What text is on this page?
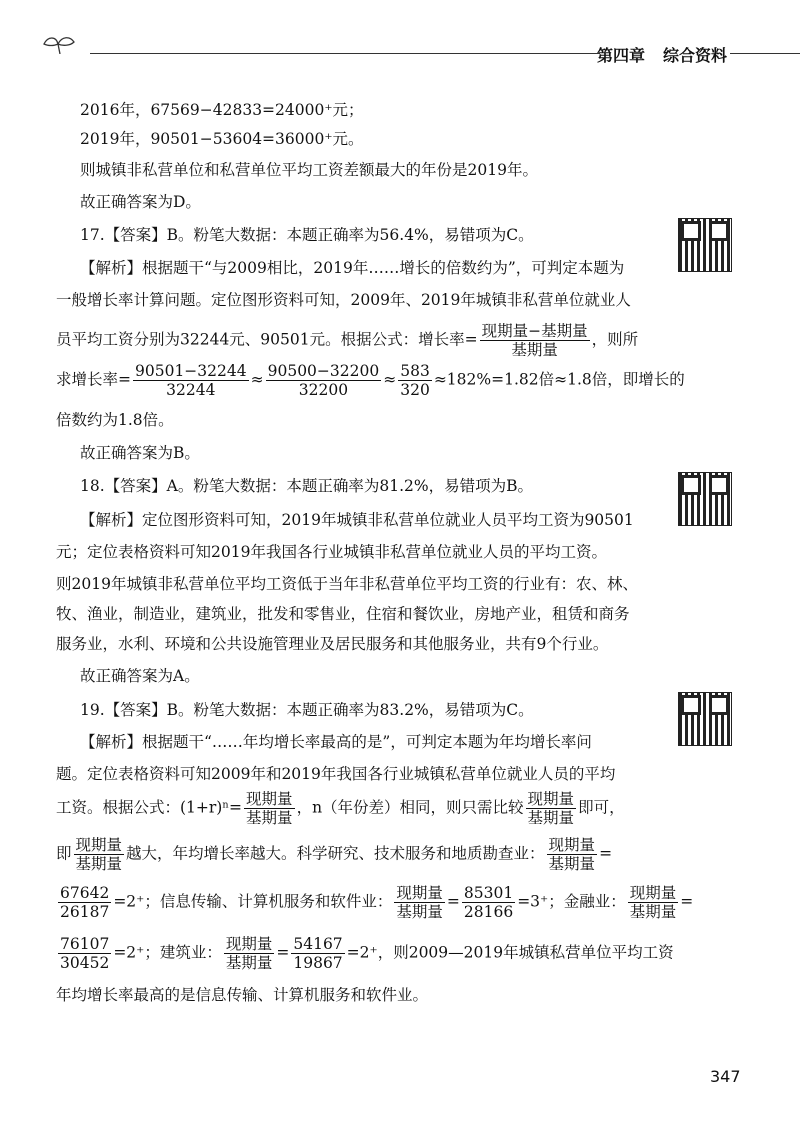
第四章 综合资料
2016年，67569−42833=24000⁺元；
2019年，90501−53604=36000⁺元。
则城镇非私营单位和私营单位平均工资差额最大的年份是2019年。
故正确答案为D。
17.【答案】B。粉笔大数据：本题正确率为56.4%，易错项为C。
【解析】根据题干“与2009相比，2019年……增长的倍数约为”，可判定本题为
一般增长率计算问题。定位图形资料可知，2009年、2019年城镇非私营单位就业人
员平均工资分别为32244元、90501元。根据公式：增长率= $\frac{\text{现期量−基期量}}{\text{基期量}}$ ，则所
求增长率= $\frac{90501-32244}{32244} \approx \frac{90500-32200}{32200} \approx \frac{583}{320} \approx 182\%=1.82$倍≈1.8倍，即增长的
倍数约为1.8倍。
故正确答案为B。
18.【答案】A。粉笔大数据：本题正确率为81.2%，易错项为B。
【解析】定位图形资料可知，2019年城镇非私营单位就业人员平均工资为90501
元；定位表格资料可知2019年我国各行业城镇非私营单位就业人员的平均工资。
则2019年城镇非私营单位平均工资低于当年非私营单位平均工资的行业有：农、林、
牧、渔业，制造业，建筑业，批发和零售业，住宿和餐饮业，房地产业，租赁和商务
服务业，水利、环境和公共设施管理业及居民服务和其他服务业，共有9个行业。
故正确答案为A。
19.【答案】B。粉笔大数据：本题正确率为83.2%，易错项为C。
【解析】根据题干“……年均增长率最高的是”，可判定本题为年均增长率问
题。定位表格资料可知2009年和2019年我国各行业城镇私营单位就业人员的平均
工资。根据公式：$(1+r)^n= \frac{\text{现期量}}{\text{基期量}}$ ，n（年份差）相同，则只需比较 $\frac{\text{现期量}}{\text{基期量}}$ 即可，
即 $\frac{\text{现期量}}{\text{基期量}}$ 越大，年均增长率越大。科学研究、技术服务和地质勘查业： $\frac{\text{现期量}}{\text{基期量}}$ =
$\frac{67642}{26187} =2^+$；信息传输、计算机服务和软件业： $\frac{\text{现期量}}{\text{基期量}} = \frac{85301}{28166} =3^+$；金融业： $\frac{\text{现期量}}{\text{基期量}}$ =
$\frac{76107}{30452} =2^+$；建筑业： $\frac{\text{现期量}}{\text{基期量}} = \frac{54167}{19867} =2^+$，则2009—2019年城镇私营单位平均工资
年均增长率最高的是信息传输、计算机服务和软件业。
347
